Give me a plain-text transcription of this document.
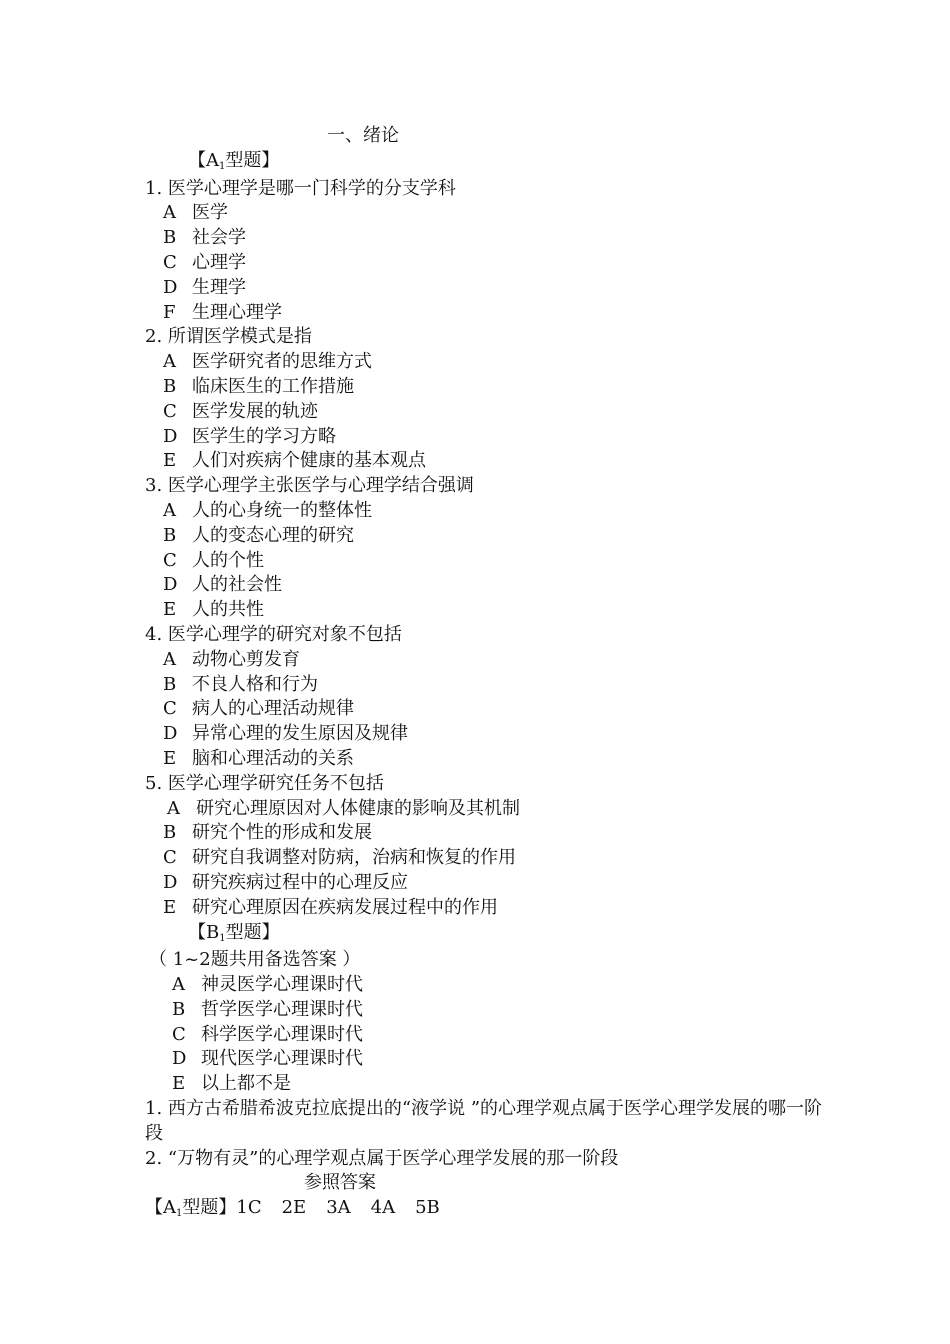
一、绪论
【A1型题】
1. 医学心理学是哪一门科学的分支学科
A 医学
B 社会学
C 心理学
D 生理学
F 生理心理学
2. 所谓医学模式是指
A 医学研究者的思维方式
B 临床医生的工作措施
C 医学发展的轨迹
D 医学生的学习方略
E 人们对疾病个健康的基本观点
3. 医学心理学主张医学与心理学结合强调
A 人的心身统一的整体性
B 人的变态心理的研究
C 人的个性
D 人的社会性
E 人的共性
4. 医学心理学的研究对象不包括
A 动物心剪发育
B 不良人格和行为
C 病人的心理活动规律
D 异常心理的发生原因及规律
E 脑和心理活动的关系
5. 医学心理学研究任务不包括
A 研究心理原因对人体健康的影响及其机制
B 研究个性的形成和发展
C 研究自我调整对防病，治病和恢复的作用
D 研究疾病过程中的心理反应
E 研究心理原因在疾病发展过程中的作用
【B1型题】
（ 1~2题共用备选答案 ）
A 神灵医学心理课时代
B 哲学医学心理课时代
C 科学医学心理课时代
D 现代医学心理课时代
E 以上都不是
1. 西方古希腊希波克拉底提出的“液学说 ”的心理学观点属于医学心理学发展的哪一阶段
2. “万物有灵”的心理学观点属于医学心理学发展的那一阶段
参照答案
【A1型题】1C 2E 3A 4A 5B
